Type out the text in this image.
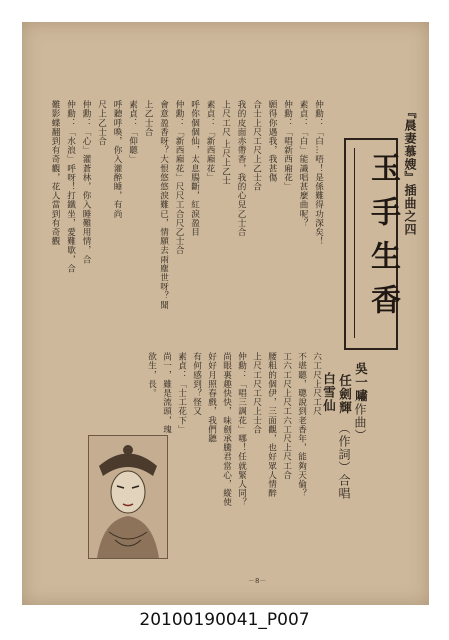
『晨妻慕嫂』插曲之四
玉手生香
仲勳：「白…唔！是係難得功深矣！
素貞：「白」能識唱甚麼曲呢？
仲勳：「唱新西廂花」
願得你遇我，我甚傷
合士上尺工尺上乙士合
我的皮面赤帶香，我的心兒乙士合
上尺工尺 上尺上乙士
素貞：「新西廂花」
呼你個個仙，太息腸斷，紅淚盈目
仲勳：「新西廂花」尺尺工合尺乙士合
會意盈香呀？大恨悠悠淚難已，情願去兩塵世呀？聞
上乙士合
素貞：「仰聽」
呼聽呼喚，你入灌醉睡，有尚
尺上乙士合
仲勳：「心」灌蒼林，你入睡難用情，合
仲勳：「水浪」呼呀！打鐵坐，愛難歇，合
難影蝶翻到有奇觀，花人當到有奇觀
六工尺上尺工尺
不堪聽，聰說到老香年，能夠天倫？
工六工尺上尺工六工尺上尺工合
腰粗的個伊，三面觀，也好眾人情醉
上尺工尺工尺上士合
仲勳：「唱三調花」哪！任就緊人同？
尚眼裏趣快快，味劍承騰君當心，縱使
好好月照春戲，我們聽
有何感到？怪又
素貞：「士工花下」
尚一，雖是流頭，瑰
欲生，長。
（作曲）
吳一嘯
任劍輝
白雪仙
（作詞）合唱
－8－
20100190041_P007
